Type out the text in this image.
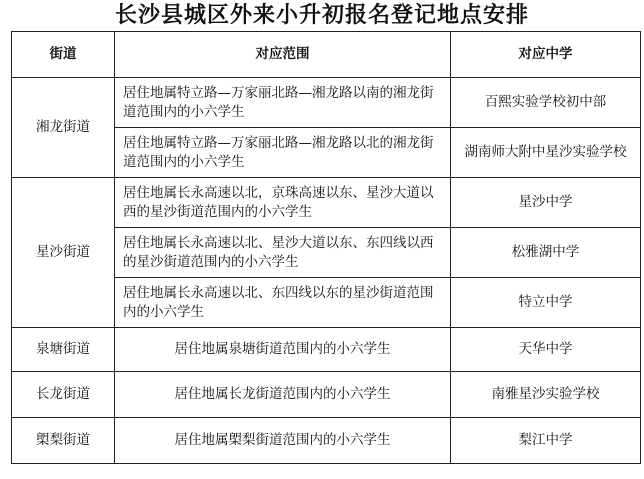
长沙县城区外来小升初报名登记地点安排
街道	对应范围	对应中学
湘龙街道	居住地属特立路—万家丽北路—湘龙路以南的湘龙街道范围内的小六学生	百熙实验学校初中部
	居住地属特立路—万家丽北路—湘龙路以北的湘龙街道范围内的小六学生	湖南师大附中星沙实验学校
星沙街道	居住地属长永高速以北，京珠高速以东、星沙大道以西的星沙街道范围内的小六学生	星沙中学
	居住地属长永高速以北、星沙大道以东、东四线以西的星沙街道范围内的小六学生	松雅湖中学
	居住地属长永高速以北、东四线以东的星沙街道范围内的小六学生	特立中学
泉塘街道	居住地属泉塘街道范围内的小六学生	天华中学
长龙街道	居住地属长龙街道范围内的小六学生	南雅星沙实验学校
㮾梨街道	居住地属㮾梨街道范围内的小六学生	梨江中学
